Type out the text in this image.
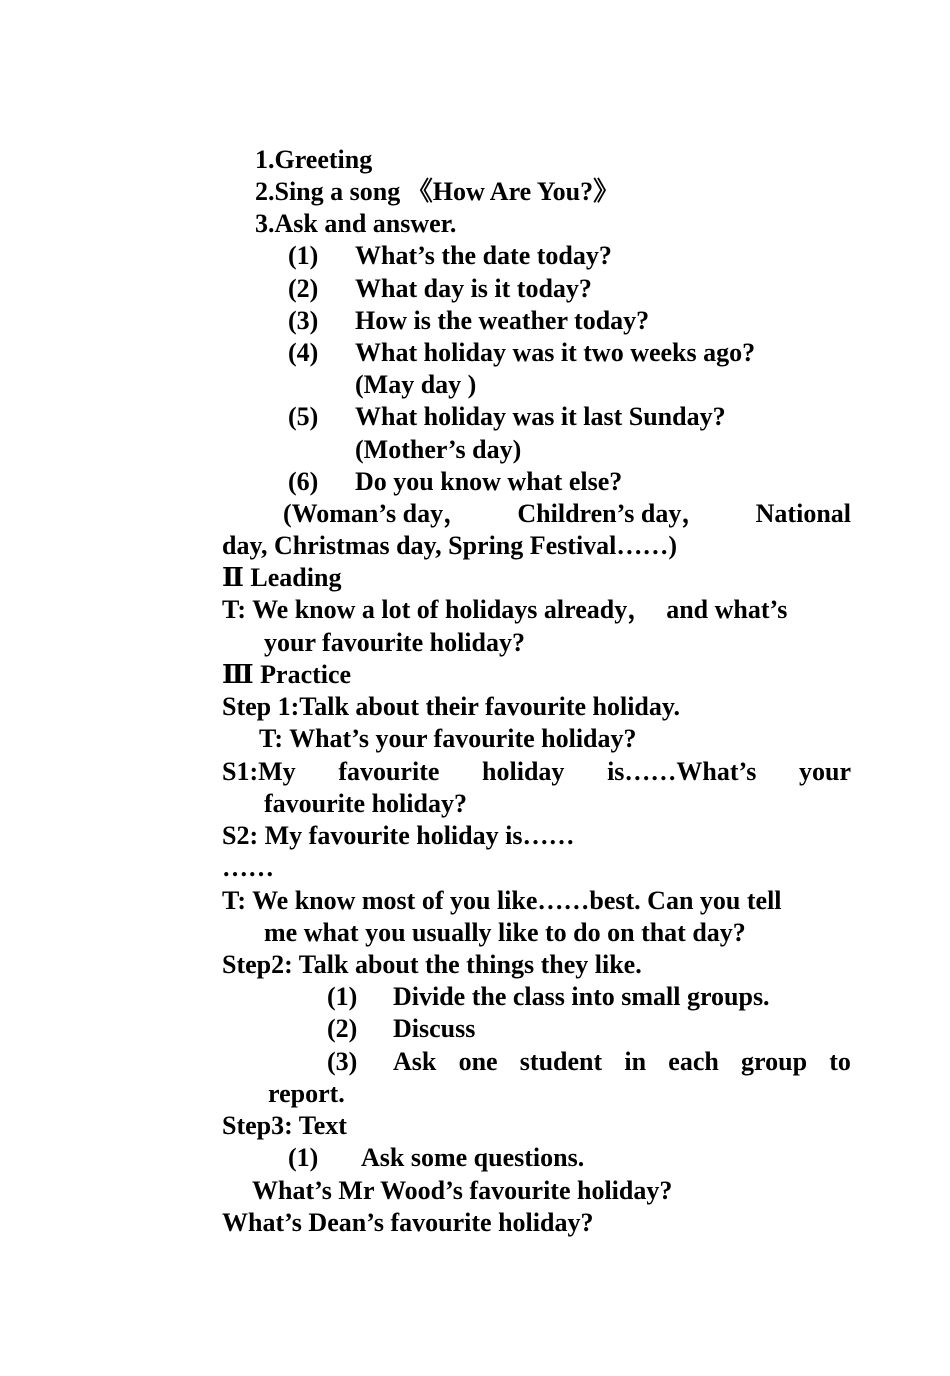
1.Greeting
2.Sing a song 《How Are You?》
3.Ask and answer.
(1) What’s the date today?
(2) What day is it today?
(3) How is the weather today?
(4) What holiday was it two weeks ago?
(May day )
(5) What holiday was it last Sunday?
(Mother’s day)
(6) Do you know what else?
(Woman’s day， Children’s day， National
day, Christmas day, Spring Festival……)
Ⅱ Leading
T: We know a lot of holidays already，  and what’s
your favourite holiday?
Ⅲ Practice
Step 1:Talk about their favourite holiday.
T: What’s your favourite holiday?
S1:My favourite holiday is……What’s your
favourite holiday?
S2: My favourite holiday is……
……
T: We know most of you like……best. Can you tell
me what you usually like to do on that day?
Step2: Talk about the things they like.
(1) Divide the class into small groups.
(2) Discuss
(3) Ask one student in each group to
report.
Step3: Text
(1) Ask some questions.
What’s Mr Wood’s favourite holiday?
What’s Dean’s favourite holiday?
